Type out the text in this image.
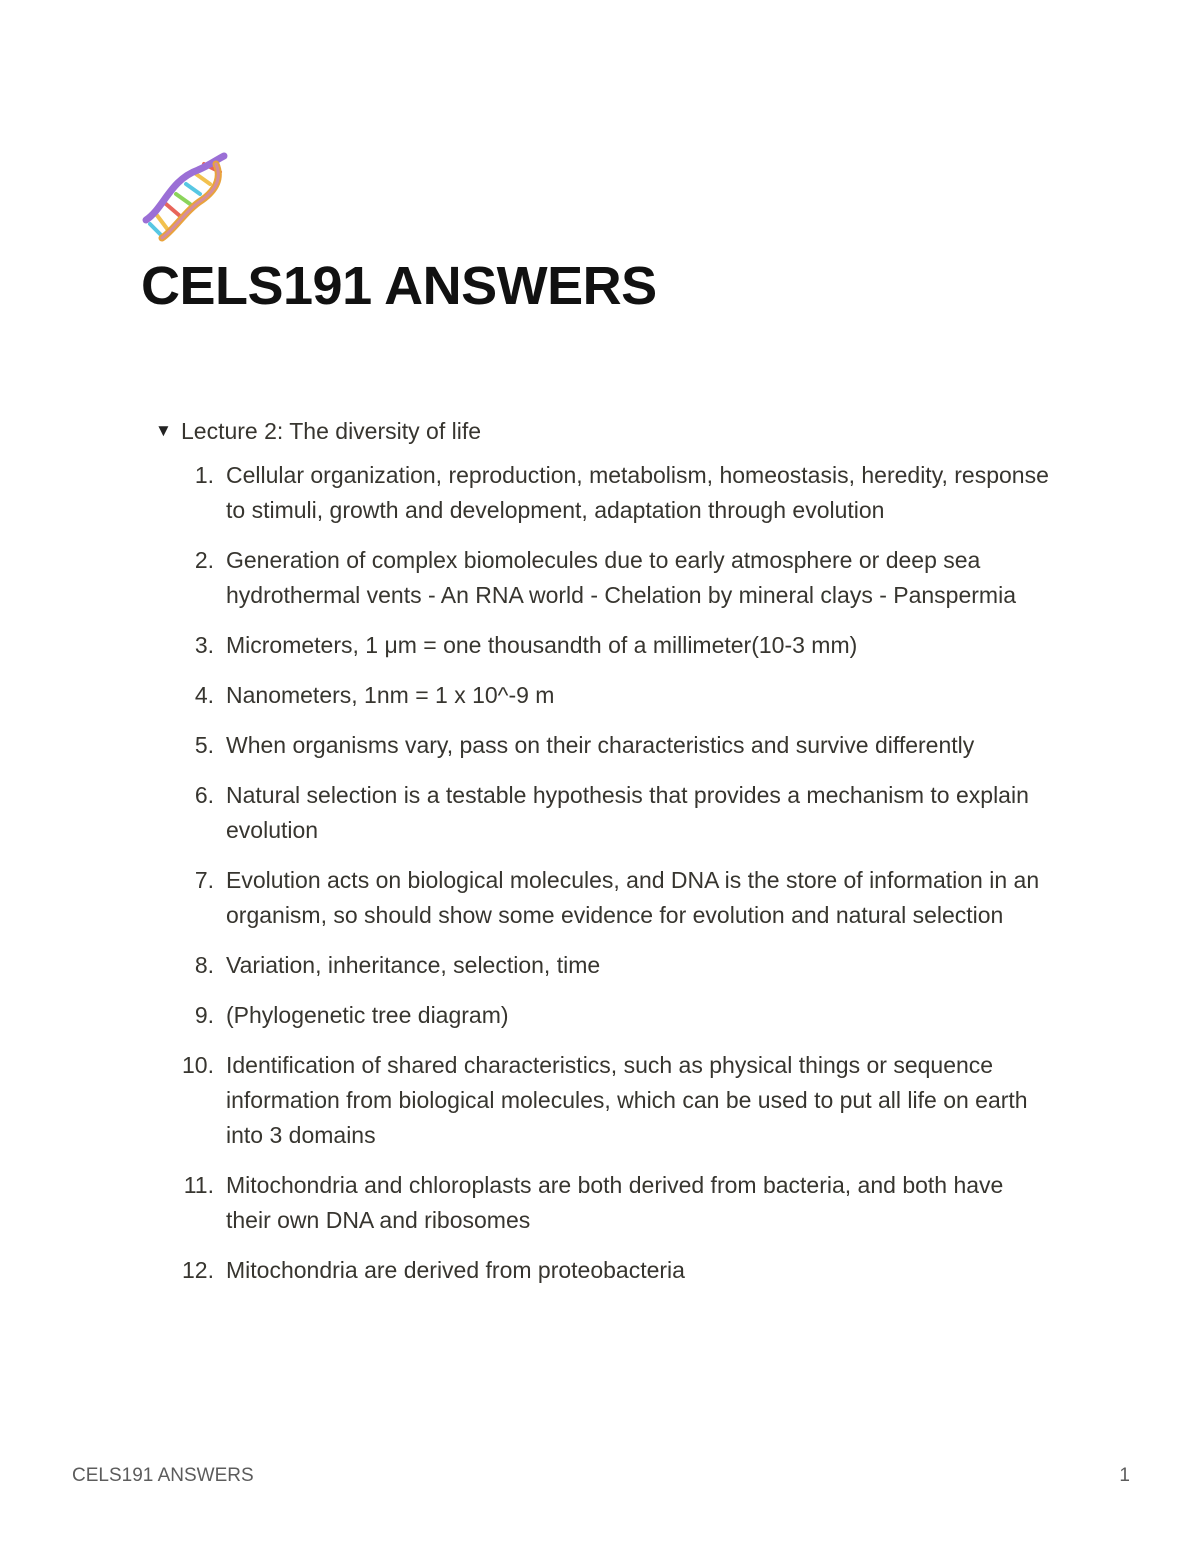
CELS191 ANSWERS
▼ Lecture 2: The diversity of life
1. Cellular organization, reproduction, metabolism, homeostasis, heredity, response to stimuli, growth and development, adaptation through evolution
2. Generation of complex biomolecules due to early atmosphere or deep sea hydrothermal vents - An RNA world - Chelation by mineral clays - Panspermia
3. Micrometers, 1 μm = one thousandth of a millimeter(10-3 mm)
4. Nanometers, 1nm = 1 x 10^-9 m
5. When organisms vary, pass on their characteristics and survive differently
6. Natural selection is a testable hypothesis that provides a mechanism to explain evolution
7. Evolution acts on biological molecules, and DNA is the store of information in an organism, so should show some evidence for evolution and natural selection
8. Variation, inheritance, selection, time
9. (Phylogenetic tree diagram)
10. Identification of shared characteristics, such as physical things or sequence information from biological molecules, which can be used to put all life on earth into 3 domains
11. Mitochondria and chloroplasts are both derived from bacteria, and both have their own DNA and ribosomes
12. Mitochondria are derived from proteobacteria
CELS191 ANSWERS	1
